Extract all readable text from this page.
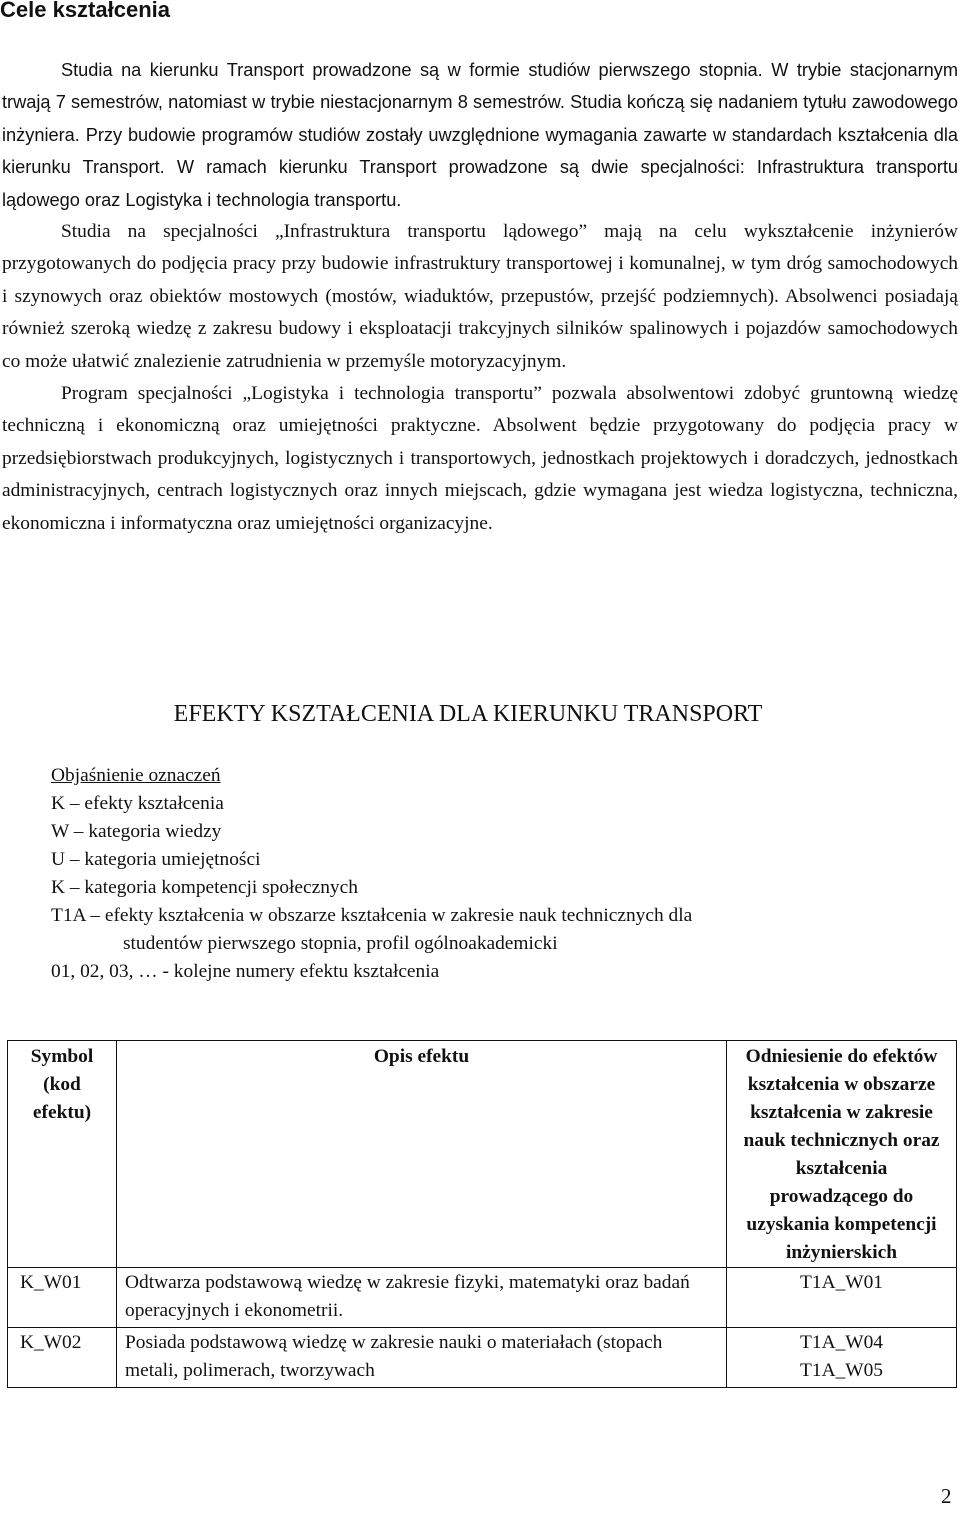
Cele kształcenia

Studia na kierunku Transport prowadzone są w formie studiów pierwszego stopnia. W trybie stacjonarnym trwają 7 semestrów, natomiast w trybie niestacjonarnym 8 semestrów. Studia kończą się nadaniem tytułu zawodowego inżyniera. Przy budowie programów studiów zostały uwzględnione wymagania zawarte w standardach kształcenia dla kierunku Transport. W ramach kierunku Transport prowadzone są dwie specjalności: Infrastruktura transportu lądowego oraz Logistyka i technologia transportu.

Studia na specjalności „Infrastruktura transportu lądowego” mają na celu wykształcenie inżynierów przygotowanych do podjęcia pracy przy budowie infrastruktury transportowej i komunalnej, w tym dróg samochodowych i szynowych oraz obiektów mostowych (mostów, wiaduktów, przepustów, przejść podziemnych). Absolwenci posiadają również szeroką wiedzę z zakresu budowy i eksploatacji trakcyjnych silników spalinowych i pojazdów samochodowych co może ułatwić znalezienie zatrudnienia w przemyśle motoryzacyjnym.

Program specjalności „Logistyka i technologia transportu” pozwala absolwentowi zdobyć gruntowną wiedzę techniczną i ekonomiczną oraz umiejętności praktyczne. Absolwent będzie przygotowany do podjęcia pracy w przedsiębiorstwach produkcyjnych, logistycznych i transportowych, jednostkach projektowych i doradczych, jednostkach administracyjnych, centrach logistycznych oraz innych miejscach, gdzie wymagana jest wiedza logistyczna, techniczna, ekonomiczna i informatyczna oraz umiejętności organizacyjne.

EFEKTY KSZTAŁCENIA DLA KIERUNKU TRANSPORT
Objaśnienie oznaczeń
K – efekty kształcenia
W – kategoria wiedzy
U – kategoria umiejętności
K – kategoria kompetencji społecznych
T1A – efekty kształcenia w obszarze kształcenia w zakresie nauk technicznych dla
studentów pierwszego stopnia, profil ogólnoakademicki
01, 02, 03, … - kolejne numery efektu kształcenia
Symbol (kod efektu)	Opis efektu	Odniesienie do efektów kształcenia w obszarze kształcenia w zakresie nauk technicznych oraz kształcenia prowadzącego do uzyskania kompetencji inżynierskich
K_W01	Odtwarza podstawową wiedzę w zakresie fizyki, matematyki oraz badań operacyjnych i ekonometrii.	T1A_W01

K_W02	Posiada podstawową wiedzę w zakresie nauki o materiałach (stopach metali, polimerach, tworzywach	T1A_W04
T1A_W05
2
